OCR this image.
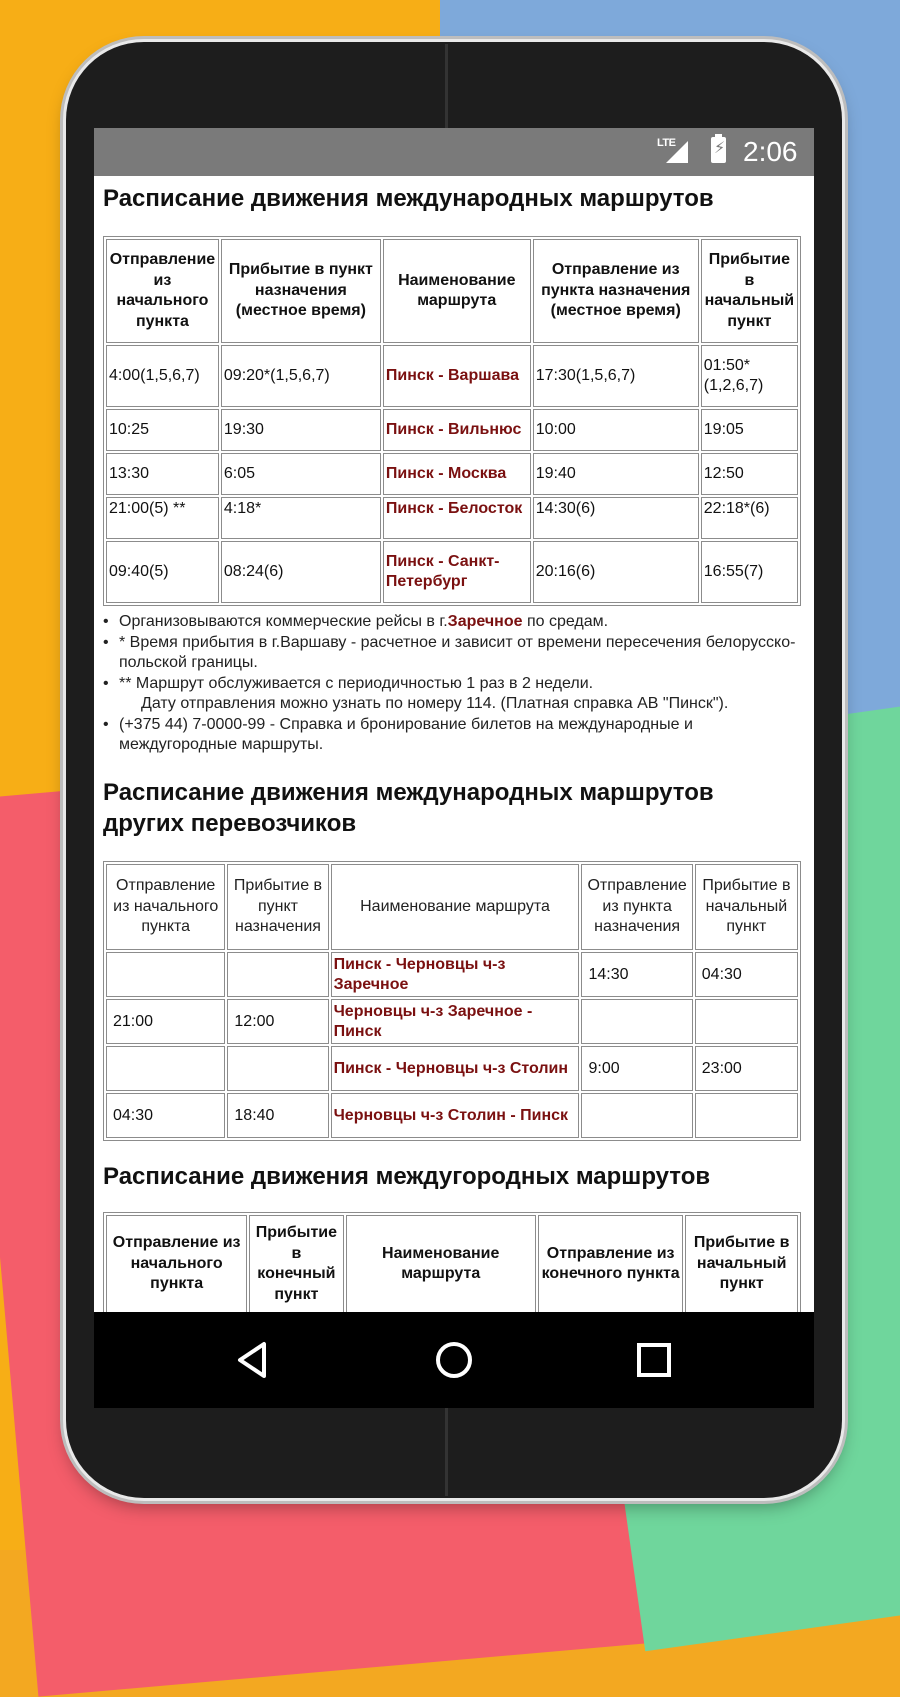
LTE ⚡ 2:06
Расписание движения международных маршрутов
Отправление из начального пункта	Прибытие в пункт назначения (местное время)	Наименование маршрута	Отправление из пункта назначения (местное время)	Прибытие в начальный пункт
4:00(1,5,6,7)	09:20*(1,5,6,7)	Пинск - Варшава	17:30(1,5,6,7)	01:50* (1,2,6,7)
10:25	19:30	Пинск - Вильнюс	10:00	19:05
13:30	6:05	Пинск - Москва	19:40	12:50
21:00(5) **	4:18*	Пинск - Белосток	14:30(6)	22:18*(6)
09:40(5)	08:24(6)	Пинск - Санкт-Петербург	20:16(6)	16:55(7)
• Организовываются коммерческие рейсы в г.Заречное по средам.
• * Время прибытия в г.Варшаву - расчетное и зависит от времени пересечения белорусско-польской границы.
• ** Маршрут обслуживается с периодичностью 1 раз в 2 недели.
Дату отправления можно узнать по номеру 114. (Платная справка АВ "Пинск").
• (+375 44) 7-0000-99 - Справка и бронирование билетов на международные и междугородные маршруты.
Расписание движения международных маршрутов других перевозчиков
Отправление из начального пункта	Прибытие в пункт назначения	Наименование маршрута	Отправление из пункта назначения	Прибытие в начальный пункт
		Пинск - Черновцы ч-з Заречное	14:30	04:30
21:00	12:00	Черновцы ч-з Заречное - Пинск		
		Пинск - Черновцы ч-з Столин	9:00	23:00
04:30	18:40	Черновцы ч-з Столин - Пинск		
Расписание движения междугородных маршрутов
Отправление из начального пункта	Прибытие в конечный пункт	Наименование маршрута	Отправление из конечного пункта	Прибытие в начальный пункт
